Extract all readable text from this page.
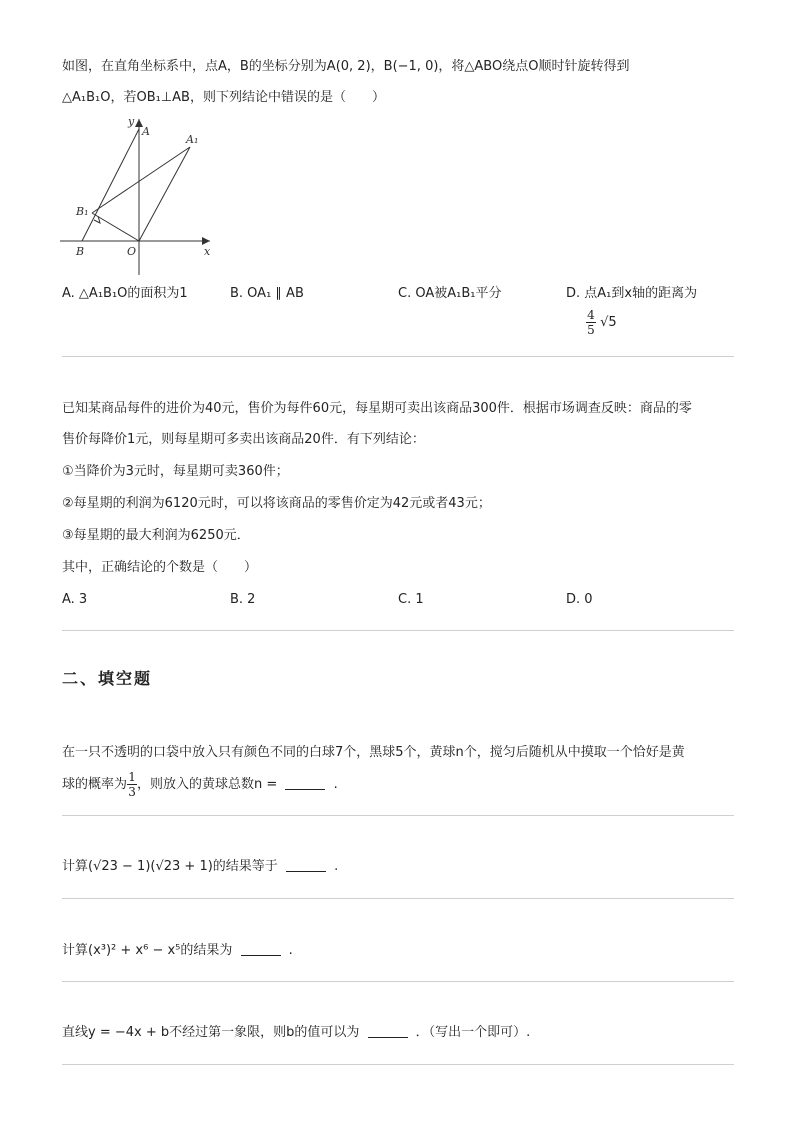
如图，在直角坐标系中，点A，B的坐标分别为A(0, 2)，B(−1, 0)，将△ABO绕点O顺时针旋转得到
△A₁B₁O，若OB₁⊥AB，则下列结论中错误的是（　　）
y
A
A₁
B₁
B	O	x
A. △A₁B₁O的面积为1	B. OA₁ ∥ AB	C. OA被A₁B₁平分	D. 点A₁到x轴的距离为
$\frac{4}{5} √5$
已知某商品每件的进价为40元，售价为每件60元，每星期可卖出该商品300件．根据市场调查反映：商品的零
售价每降价1元，则每星期可多卖出该商品20件．有下列结论：
①当降价为3元时，每星期可卖360件；
②每星期的利润为6120元时，可以将该商品的零售价定为42元或者43元；
③每星期的最大利润为6250元．
其中，正确结论的个数是（　　）
A. 3	B. 2	C. 1	D. 0
二、填空题
在一只不透明的口袋中放入只有颜色不同的白球7个，黑球5个，黄球n个，搅匀后随机从中摸取一个恰好是黄
球的概率为 $\frac{1}{3}$ ，则放入的黄球总数n =	.
计算(√23 − 1)(√23 + 1)的结果等于	.
计算(x³)² + x⁶ − x⁵的结果为	.
直线y = −4x + b不经过第一象限，则b的值可以为	．（写出一个即可）.
